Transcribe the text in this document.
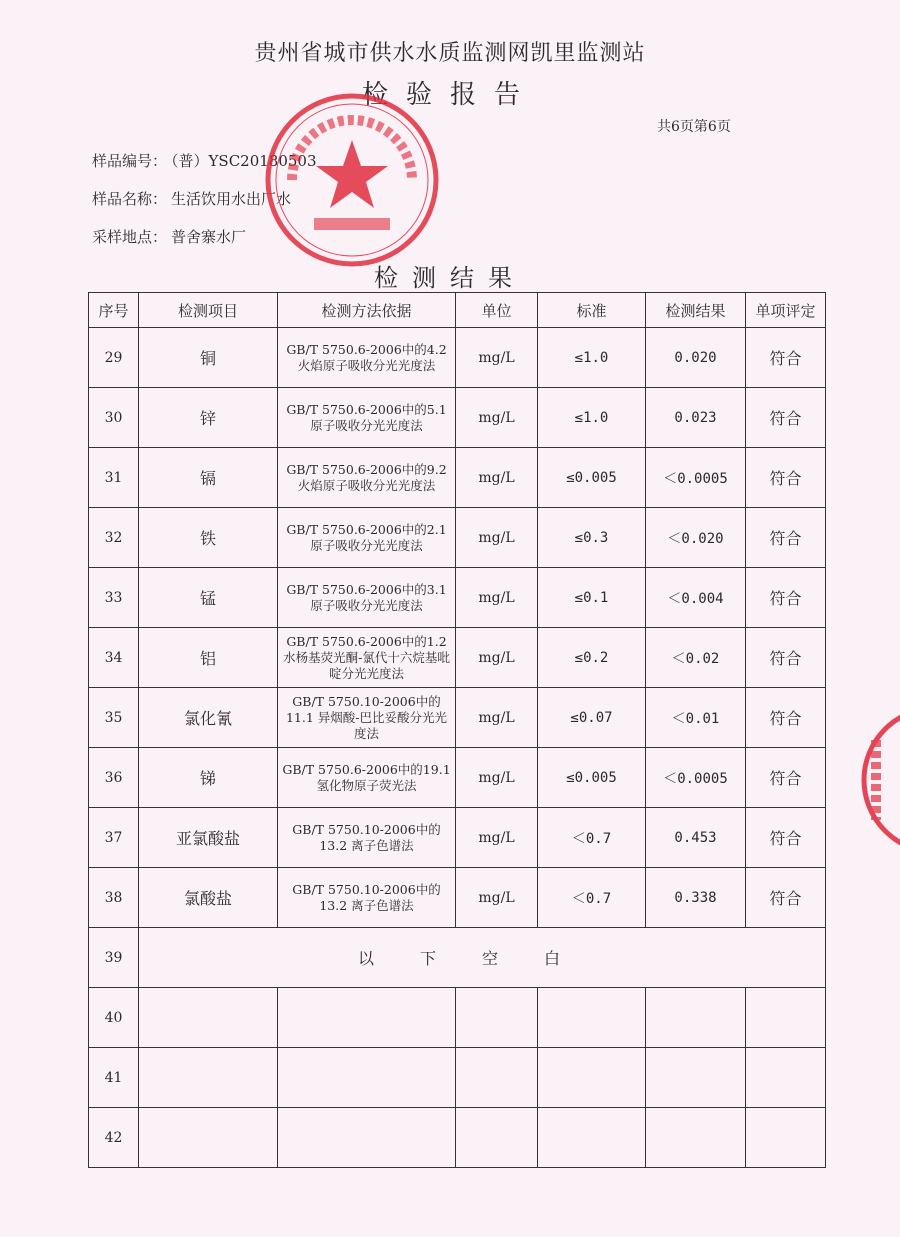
贵州省城市供水水质监测网凯里监测站
检验报告
共6页第6页
样品编号： （普）YSC20180503
样品名称： 生活饮用水出厂水
采样地点： 普舍寨水厂
检测结果
序号	检测项目	检测方法依据	单位	标准	检测结果	单项评定
29	铜	GB/T 5750.6-2006中的4.2 火焰原子吸收分光光度法	mg/L	≤1.0	0.020	符合
30	锌	GB/T 5750.6-2006中的5.1 原子吸收分光光度法	mg/L	≤1.0	0.023	符合
31	镉	GB/T 5750.6-2006中的9.2火焰原子吸收分光光度法	mg/L	≤0.005	＜0.0005	符合
32	铁	GB/T 5750.6-2006中的2.1原子吸收分光光度法	mg/L	≤0.3	＜0.020	符合
33	锰	GB/T 5750.6-2006中的3.1 原子吸收分光光度法	mg/L	≤0.1	＜0.004	符合
34	铝	GB/T 5750.6-2006中的1.2 水杨基荧光酮-氯代十六烷基吡啶分光光度法	mg/L	≤0.2	＜0.02	符合
35	氯化氰	GB/T 5750.10-2006中的11.1 异烟酸-巴比妥酸分光光度法	mg/L	≤0.07	＜0.01	符合
36	锑	GB/T 5750.6-2006中的19.1 氢化物原子荧光法	mg/L	≤0.005	＜0.0005	符合
37	亚氯酸盐	GB/T 5750.10-2006中的13.2 离子色谱法	mg/L	＜0.7	0.453	符合
38	氯酸盐	GB/T 5750.10-2006中的13.2 离子色谱法	mg/L	＜0.7	0.338	符合
39	以下空白					
40						
41						
42						
